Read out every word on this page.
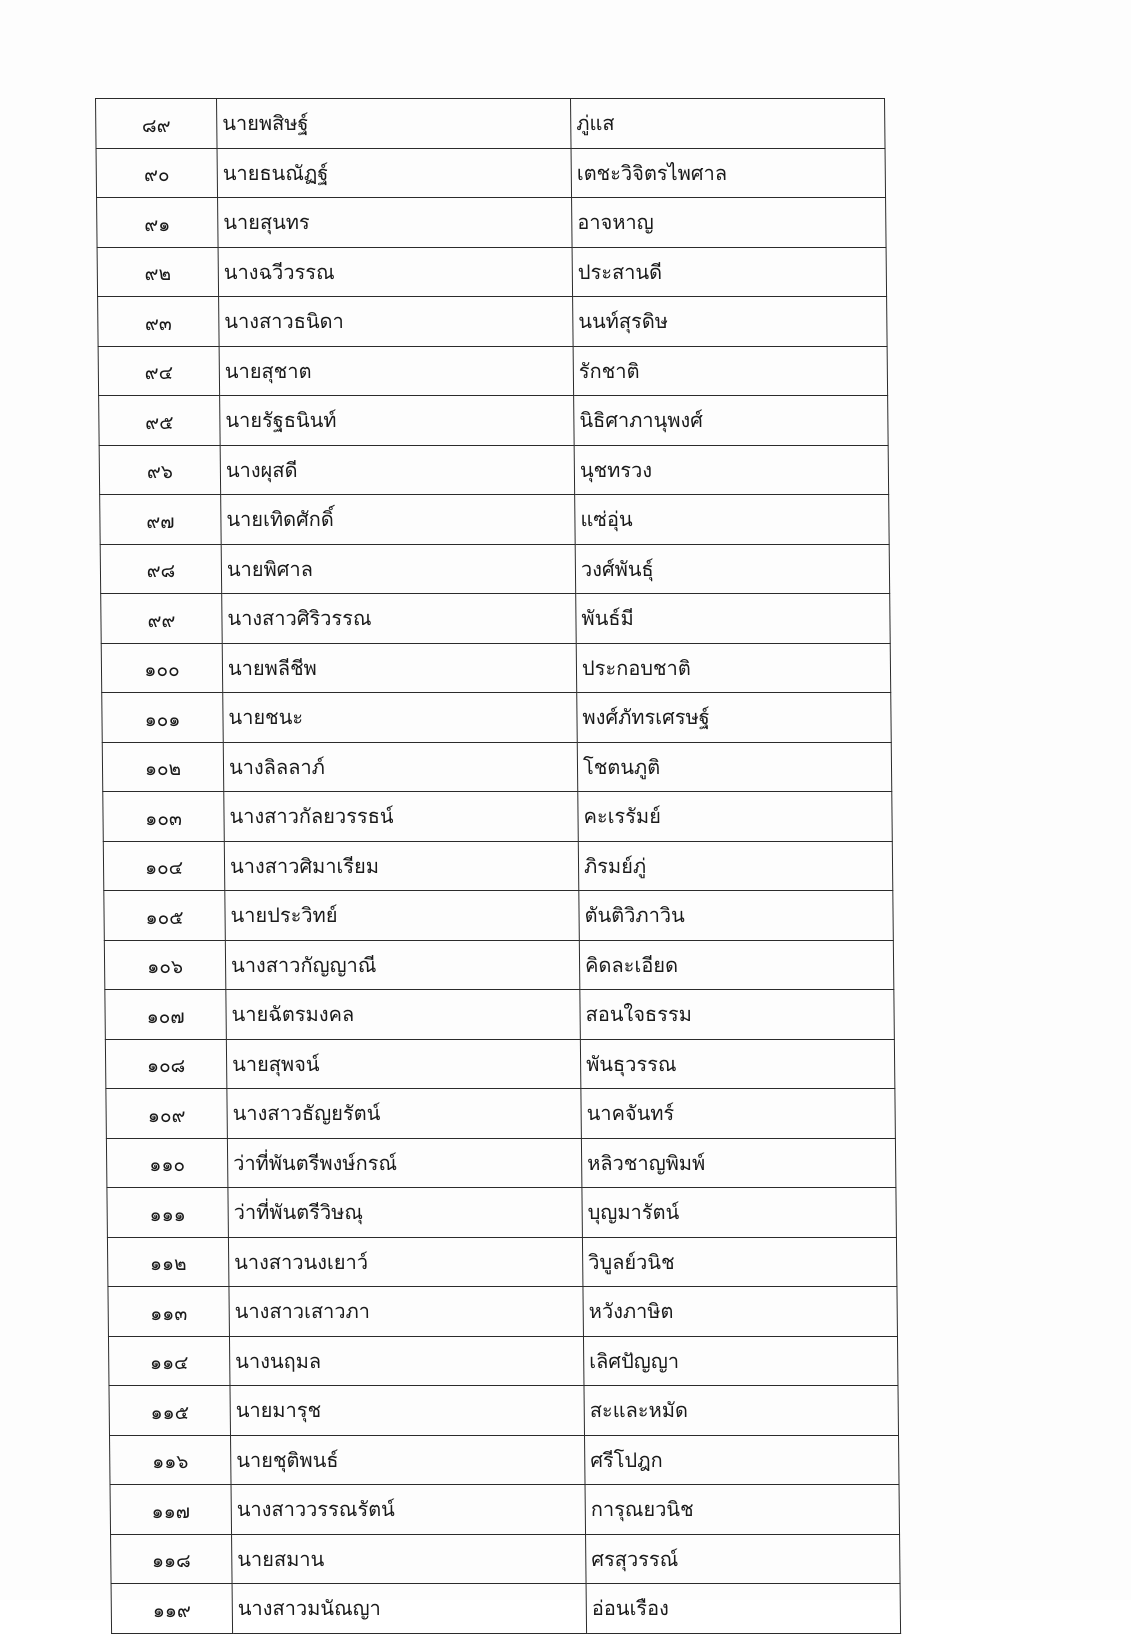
๘๙	นายพสิษฐ์	ภู่แส
๙๐	นายธนณัฏฐ์	เตชะวิจิตรไพศาล
๙๑	นายสุนทร	อาจหาญ
๙๒	นางฉวีวรรณ	ประสานดี
๙๓	นางสาวธนิดา	นนท์สุรดิษ
๙๔	นายสุชาต	รักชาติ
๙๕	นายรัฐธนินท์	นิธิศาภานุพงศ์
๙๖	นางผุสดี	นุชทรวง
๙๗	นายเทิดศักดิ์	แซ่อุ่น
๙๘	นายพิศาล	วงศ์พันธุ์
๙๙	นางสาวศิริวรรณ	พันธ์มี
๑๐๐	นายพลีชีพ	ประกอบชาติ
๑๐๑	นายชนะ	พงศ์ภัทรเศรษฐ์
๑๐๒	นางลิลลาภ์	โชตนภูติ
๑๐๓	นางสาวกัลยวรรธน์	คะเรรัมย์
๑๐๔	นางสาวศิมาเรียม	ภิรมย์ภู่
๑๐๕	นายประวิทย์	ตันติวิภาวิน
๑๐๖	นางสาวกัญญาณี	คิดละเอียด
๑๐๗	นายฉัตรมงคล	สอนใจธรรม
๑๐๘	นายสุพจน์	พันธุวรรณ
๑๐๙	นางสาวธัญยรัตน์	นาคจันทร์
๑๑๐	ว่าที่พันตรีพงษ์กรณ์	หลิวชาญพิมพ์
๑๑๑	ว่าที่พันตรีวิษณุ	บุญมารัตน์
๑๑๒	นางสาวนงเยาว์	วิบูลย์วนิช
๑๑๓	นางสาวเสาวภา	หวังภาษิต
๑๑๔	นางนฤมล	เลิศปัญญา
๑๑๕	นายมารุช	สะและหมัด
๑๑๖	นายชุติพนธ์	ศรีโปฎก
๑๑๗	นางสาววรรณรัตน์	การุณยวนิช
๑๑๘	นายสมาน	ศรสุวรรณ์
๑๑๙	นางสาวมนัณญา	อ่อนเรือง
